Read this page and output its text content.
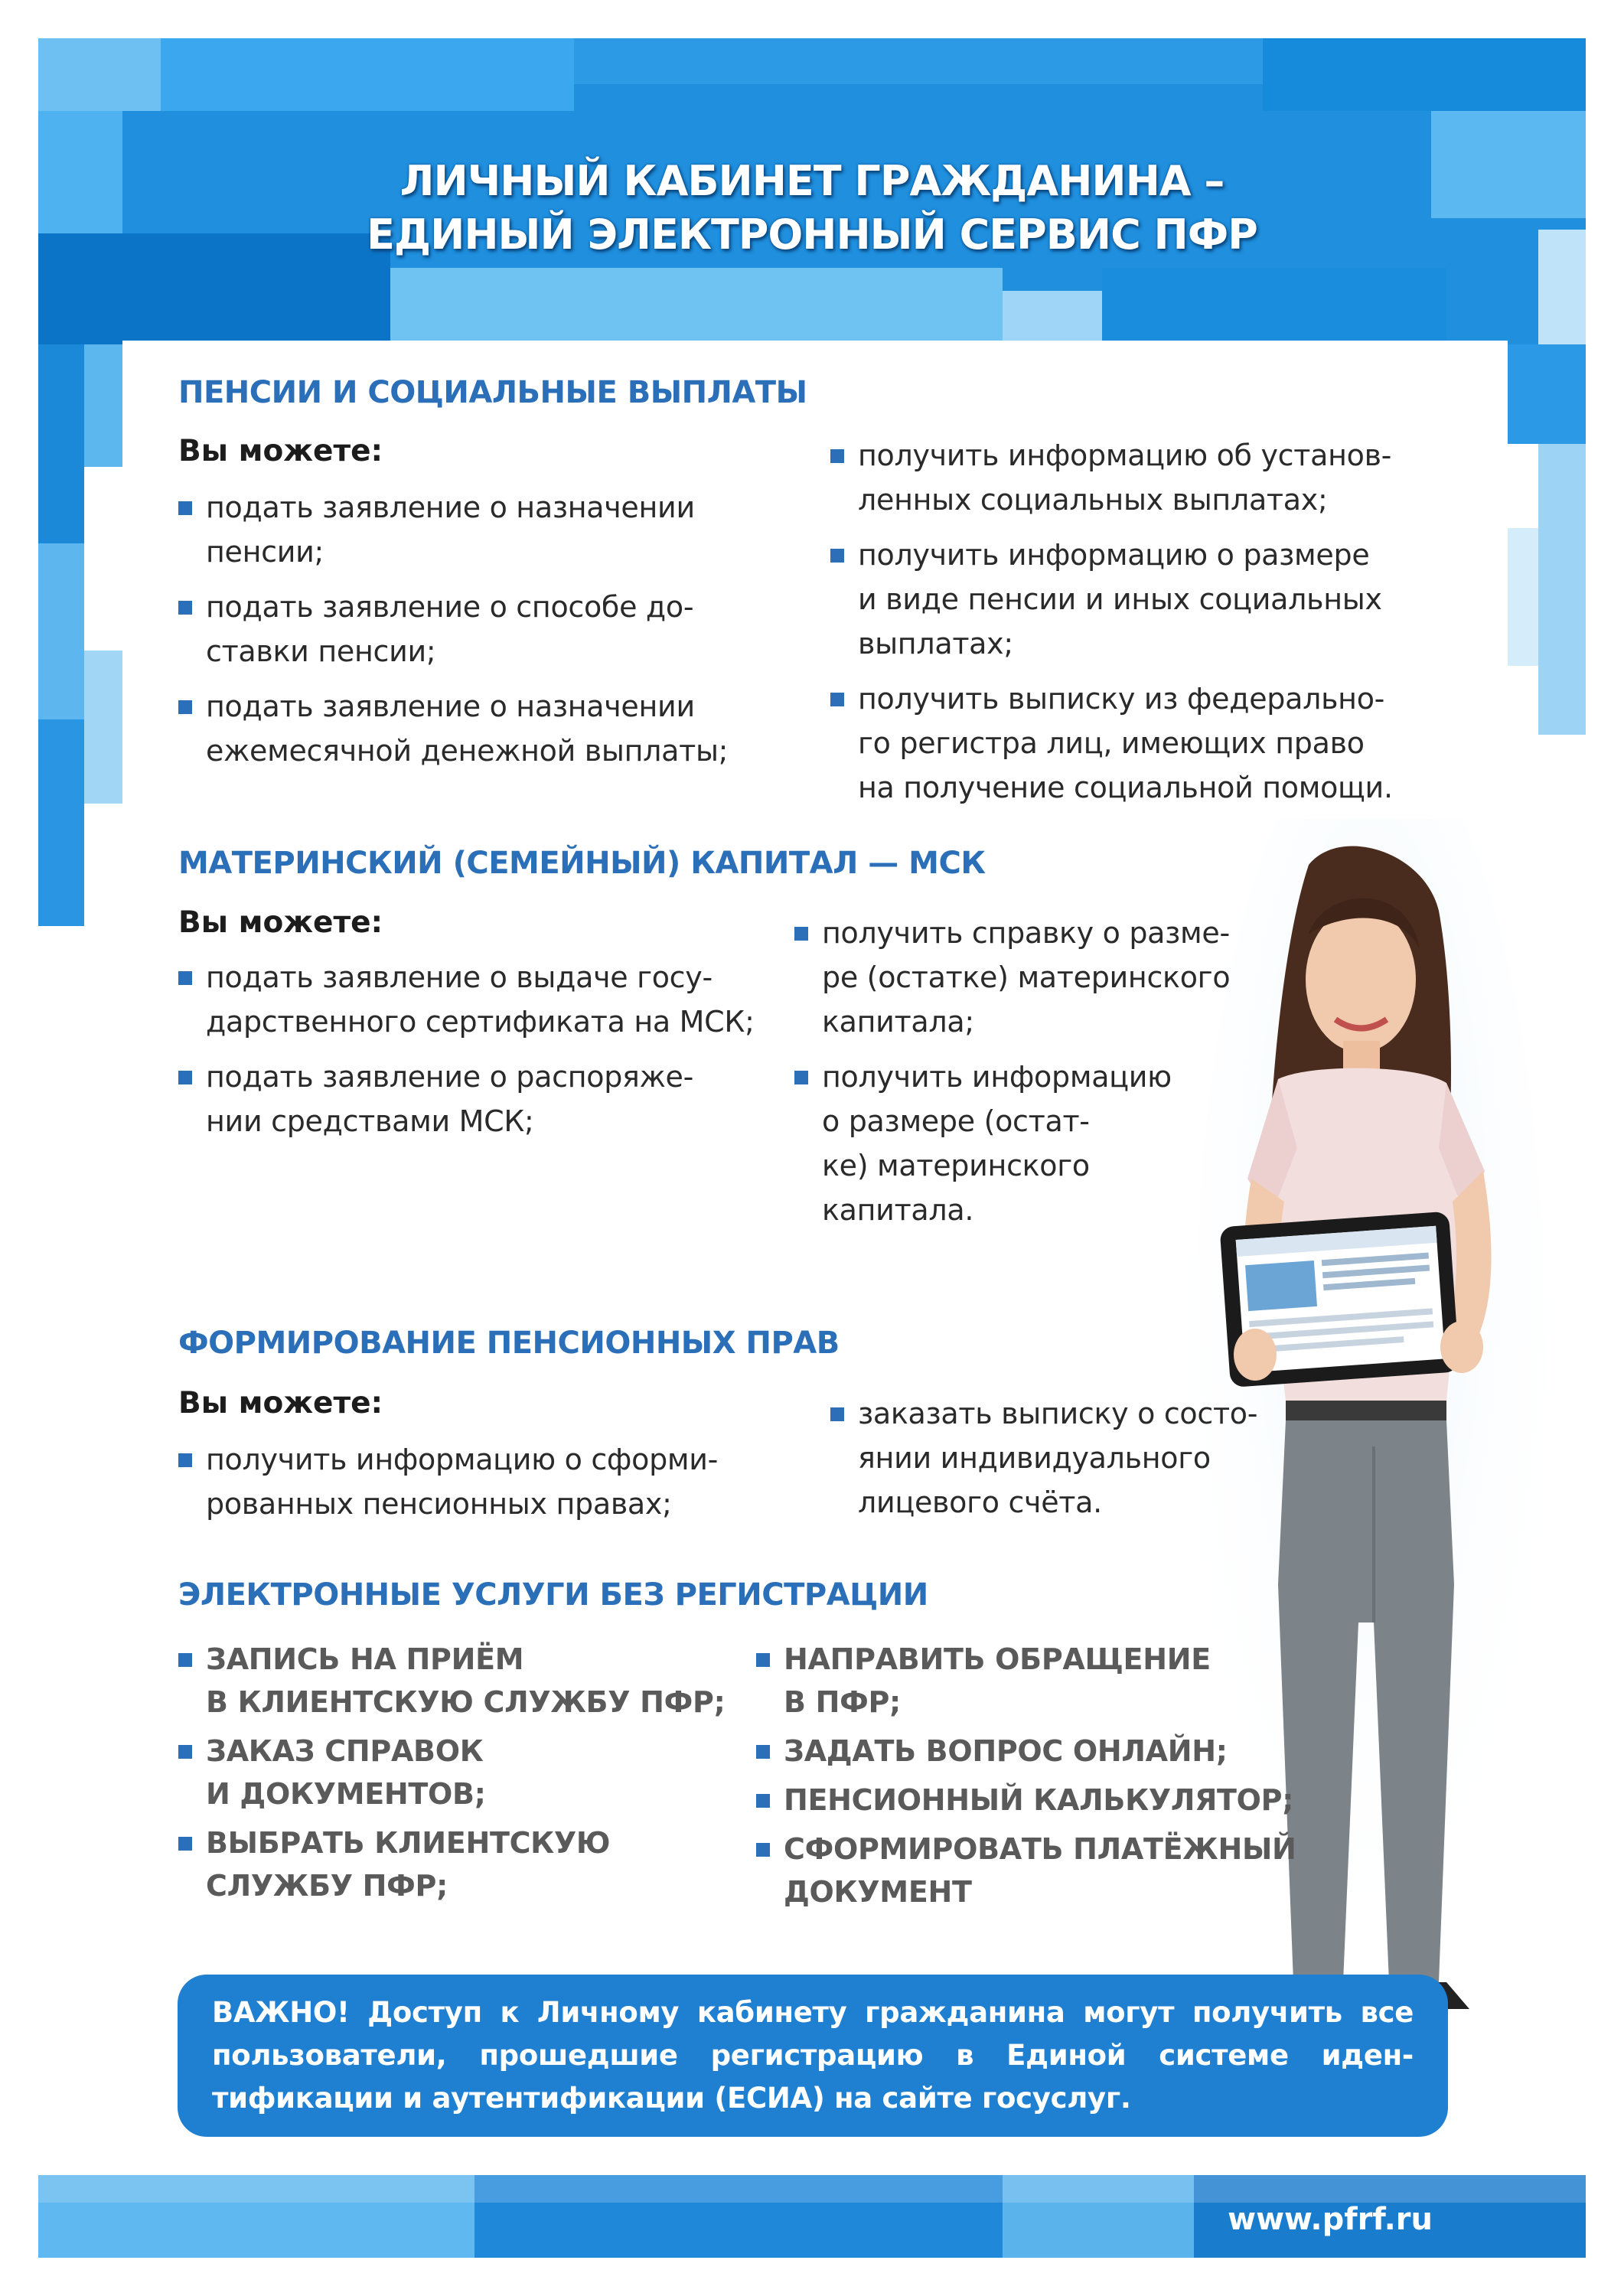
ЛИЧНЫЙ КАБИНЕТ ГРАЖДАНИНА –
ЕДИНЫЙ ЭЛЕКТРОННЫЙ СЕРВИС ПФР
ПЕНСИИ И СОЦИАЛЬНЫЕ ВЫПЛАТЫ
Вы можете:
подать заявление о назначении
пенсии;
подать заявление о способе до-
ставки пенсии;
подать заявление о назначении
ежемесячной денежной выплаты;
получить информацию об установ-
ленных социальных выплатах;
получить информацию о размере
и виде пенсии и иных социальных
выплатах;
получить выписку из федерально-
го регистра лиц, имеющих право
на получение социальной помощи.
МАТЕРИНСКИЙ (СЕМЕЙНЫЙ) КАПИТАЛ — МСК
Вы можете:
подать заявление о выдаче госу-
дарственного сертификата на МСК;
подать заявление о распоряже-
нии средствами МСК;
получить справку о разме-
ре (остатке) материнского
капитала;
получить информацию
о размере (остат-
ке) материнского
капитала.
ФОРМИРОВАНИЕ ПЕНСИОННЫХ ПРАВ
Вы можете:
получить информацию о сформи-
рованных пенсионных правах;
заказать выписку о состо-
янии индивидуального
лицевого счёта.
ЭЛЕКТРОННЫЕ УСЛУГИ БЕЗ РЕГИСТРАЦИИ
ЗАПИСЬ НА ПРИЁМ
В КЛИЕНТСКУЮ СЛУЖБУ ПФР;
ЗАКАЗ СПРАВОК
И ДОКУМЕНТОВ;
ВЫБРАТЬ КЛИЕНТСКУЮ
СЛУЖБУ ПФР;
НАПРАВИТЬ ОБРАЩЕНИЕ
В ПФР;
ЗАДАТЬ ВОПРОС ОНЛАЙН;
ПЕНСИОННЫЙ КАЛЬКУЛЯТОР;
СФОРМИРОВАТЬ ПЛАТЁЖНЫЙ
ДОКУМЕНТ

ВАЖНО! Доступ к Личному кабинету гражданина могут получить все пользователи, прошедшие регистрацию в Единой системе иден-тификации и аутентификации (ЕСИА) на сайте госуслуг.

www.pfrf.ru
